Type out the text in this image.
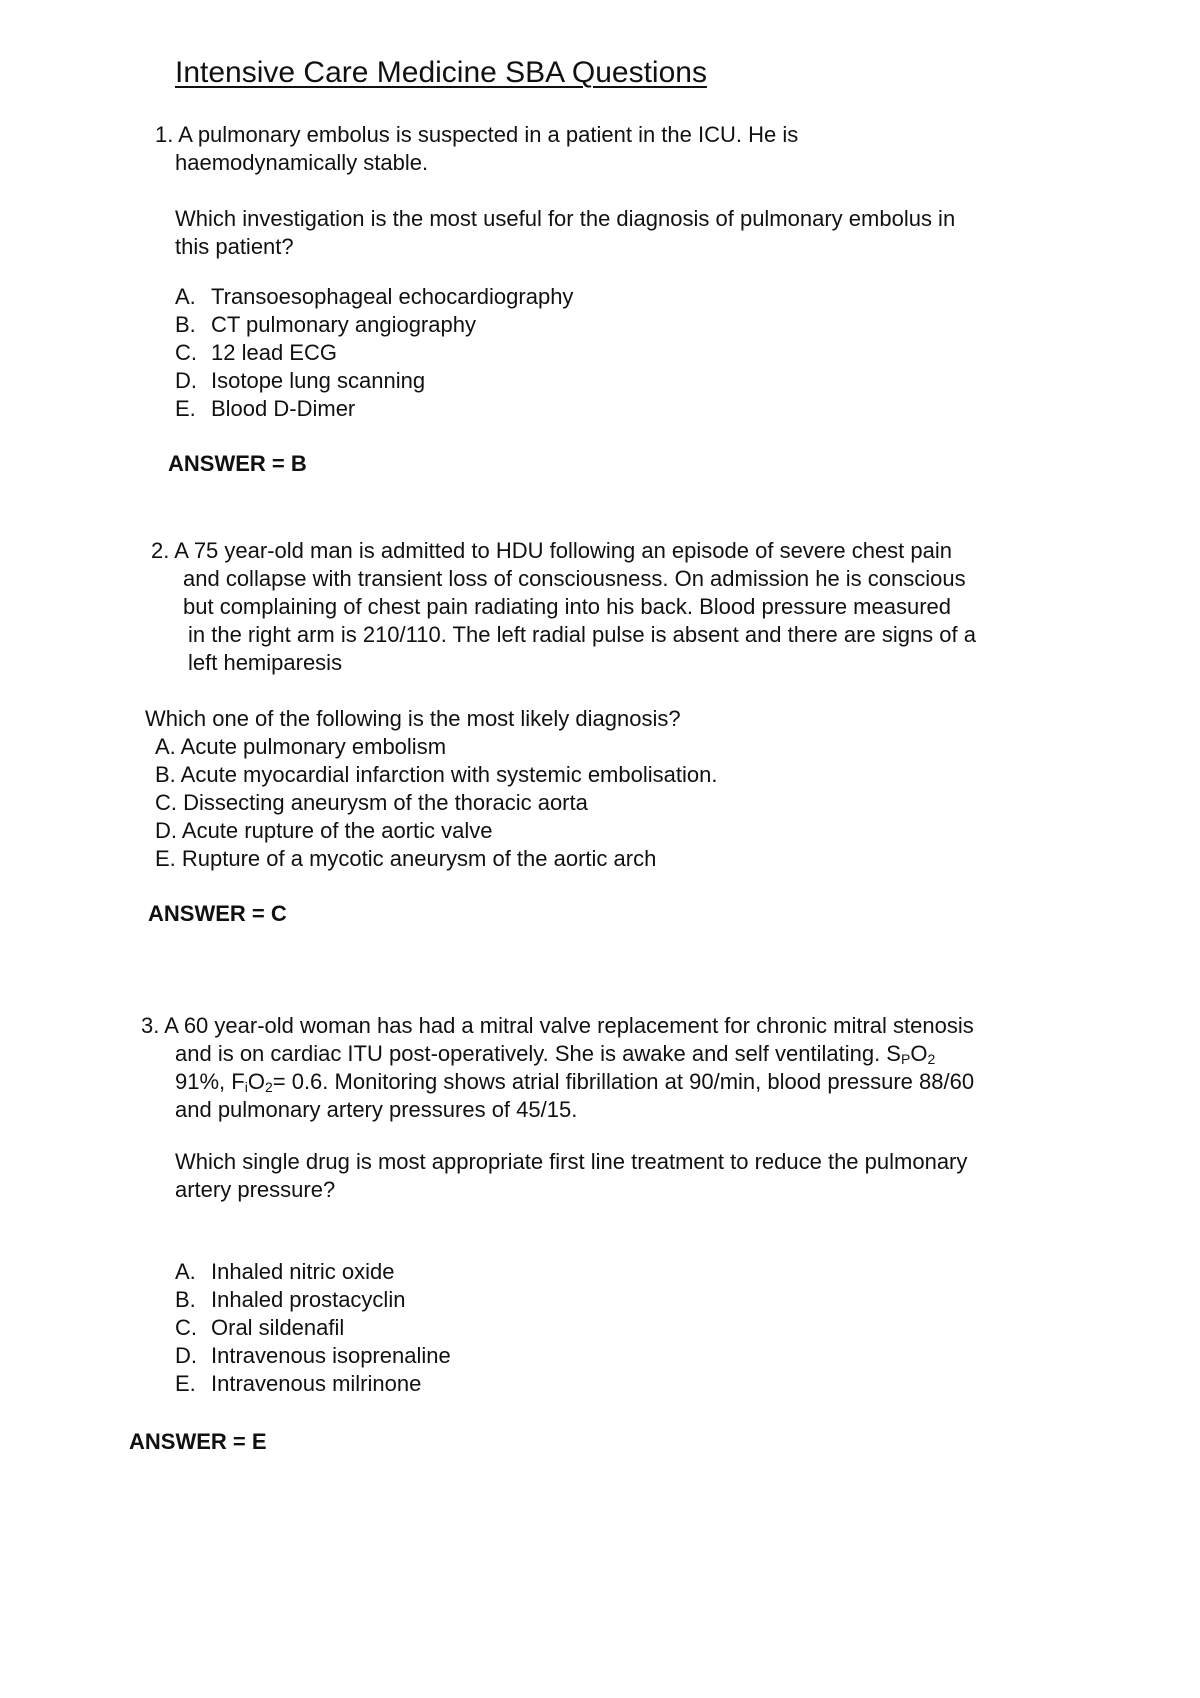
Intensive Care Medicine SBA Questions

1. A pulmonary embolus is suspected in a patient in the ICU. He is

haemodynamically stable.

Which investigation is the most useful for the diagnosis of pulmonary embolus in

this patient?

A. Transoesophageal echocardiography

B. CT pulmonary angiography

C. 12 lead ECG

D. Isotope lung scanning

E. Blood D-Dimer

ANSWER = B

2. A 75 year-old man is admitted to HDU following an episode of severe chest pain

and collapse with transient loss of consciousness. On admission he is conscious

but complaining of chest pain radiating into his back. Blood pressure measured

in the right arm is 210/110. The left radial pulse is absent and there are signs of a

left hemiparesis

Which one of the following is the most likely diagnosis?

A. Acute pulmonary embolism

B. Acute myocardial infarction with systemic embolisation.

C. Dissecting aneurysm of the thoracic aorta

D. Acute rupture of the aortic valve

E. Rupture of a mycotic aneurysm of the aortic arch

ANSWER = C

3. A 60 year-old woman has had a mitral valve replacement for chronic mitral stenosis

and is on cardiac ITU post-operatively. She is awake and self ventilating. $S_PO_2$

91%, $F_iO_2= 0.6$. Monitoring shows atrial fibrillation at 90/min, blood pressure 88/60

and pulmonary artery pressures of 45/15.

Which single drug is most appropriate first line treatment to reduce the pulmonary

artery pressure?

A. Inhaled nitric oxide

B. Inhaled prostacyclin

C. Oral sildenafil

D. Intravenous isoprenaline

E. Intravenous milrinone

ANSWER = E
